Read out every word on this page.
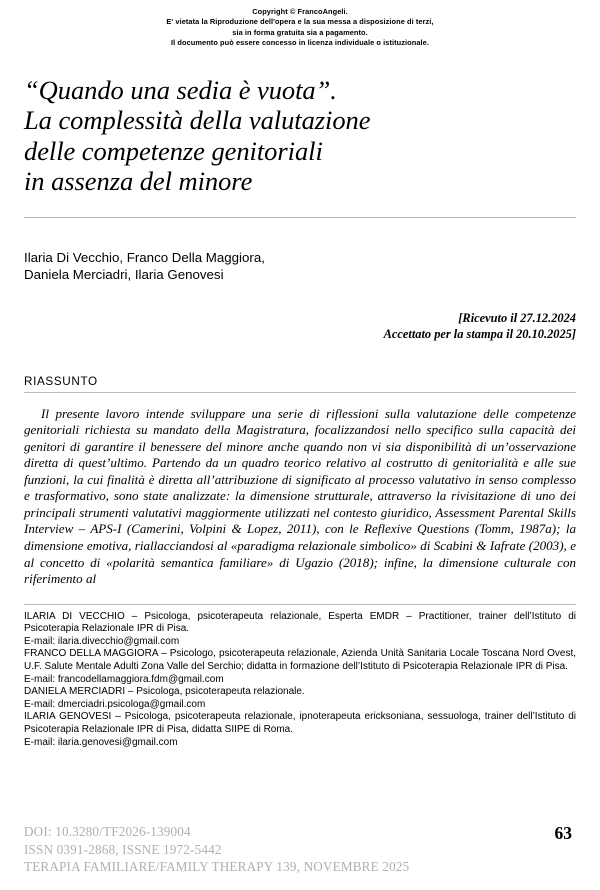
Copyright © FrancoAngeli.
E' vietata la Riproduzione dell'opera e la sua messa a disposizione di terzi,
sia in forma gratuita sia a pagamento.
Il documento può essere concesso in licenza individuale o istituzionale.
“Quando una sedia è vuota”.
La complessità della valutazione
delle competenze genitoriali
in assenza del minore
Ilaria Di Vecchio, Franco Della Maggiora,
Daniela Merciadri, Ilaria Genovesi
[Ricevuto il 27.12.2024
Accettato per la stampa il 20.10.2025]
RIASSUNTO

Il presente lavoro intende sviluppare una serie di riflessioni sulla valutazione delle competenze genitoriali richiesta su mandato della Magistratura, focalizzandosi nello specifico sulla capacità dei genitori di garantire il benessere del minore anche quando non vi sia disponibilità di un’osservazione diretta di quest’ultimo. Partendo da un quadro teorico relativo al costrutto di genitorialità e alle sue funzioni, la cui finalità è diretta all’attribuzione di significato al processo valutativo in senso complesso e trasformativo, sono state analizzate: la dimensione strutturale, attraverso la rivisitazione di uno dei principali strumenti valutativi maggiormente utilizzati nel contesto giuridico, Assessment Parental Skills Interview – APS-I (Camerini, Volpini & Lopez, 2011), con le Reflexive Questions (Tomm, 1987a); la dimensione emotiva, riallacciandosi al «paradigma relazionale simbolico» di Scabini & Iafrate (2003), e al concetto di «polarità semantica familiare» di Ugazio (2018); infine, la dimensione culturale con riferimento al

ILARIA DI VECCHIO – Psicologa, psicoterapeuta relazionale, Esperta EMDR – Practitioner, trainer dell’Istituto di Psicoterapia Relazionale IPR di Pisa.
E-mail: ilaria.divecchio@gmail.com
FRANCO DELLA MAGGIORA – Psicologo, psicoterapeuta relazionale, Azienda Unità Sanitaria Locale Toscana Nord Ovest, U.F. Salute Mentale Adulti Zona Valle del Serchio; didatta in formazione dell’Istituto di Psicoterapia Relazionale IPR di Pisa.
E-mail: francodellamaggiora.fdm@gmail.com
DANIELA MERCIADRI – Psicologa, psicoterapeuta relazionale.
E-mail: dmerciadri.psicologa@gmail.com
ILARIA GENOVESI – Psicologa, psicoterapeuta relazionale, ipnoterapeuta ericksoniana, sessuologa, trainer dell’Istituto di Psicoterapia Relazionale IPR di Pisa, didatta SIIPE di Roma.
E-mail: ilaria.genovesi@gmail.com
DOI: 10.3280/TF2026-139004
ISSN 0391-2868, ISSNE 1972-5442
TERAPIA FAMILIARE/FAMILY THERAPY 139, NOVEMBRE 2025
63
